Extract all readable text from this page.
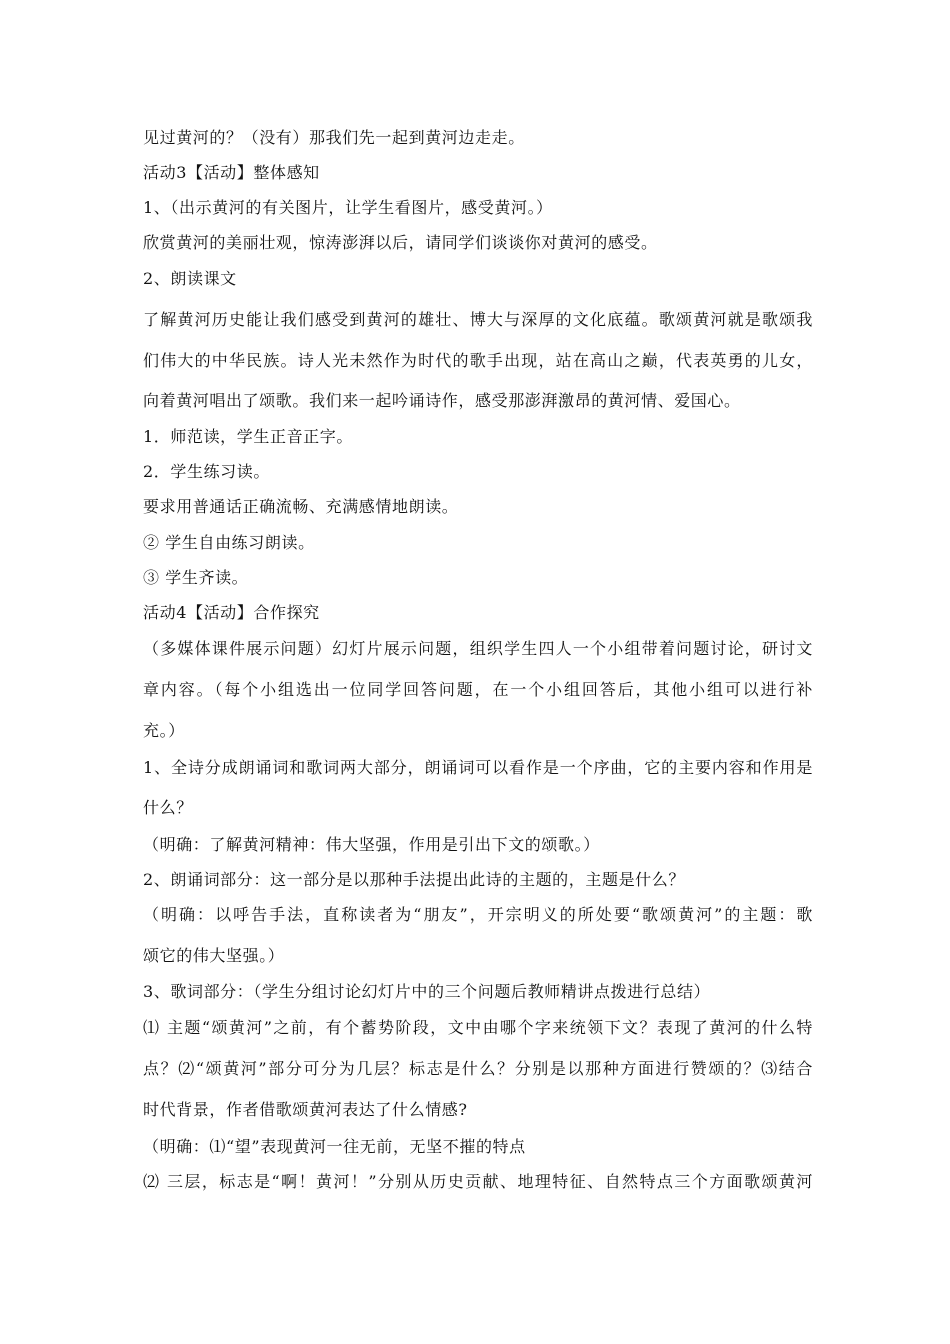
见过黄河的？（没有）那我们先一起到黄河边走走。
活动3【活动】整体感知
1、（出示黄河的有关图片，让学生看图片，感受黄河。）
欣赏黄河的美丽壮观，惊涛澎湃以后，请同学们谈谈你对黄河的感受。
2、朗读课文
了解黄河历史能让我们感受到黄河的雄壮、博大与深厚的文化底蕴。歌颂黄河就是歌颂我
们伟大的中华民族。诗人光未然作为时代的歌手出现，站在高山之巅，代表英勇的儿女，
向着黄河唱出了颂歌。我们来一起吟诵诗作，感受那澎湃激昂的黄河情、爱国心。
1．师范读，学生正音正字。
2．学生练习读。
要求用普通话正确流畅、充满感情地朗读。
② 学生自由练习朗读。
③ 学生齐读。
活动4【活动】合作探究
（多媒体课件展示问题）幻灯片展示问题，组织学生四人一个小组带着问题讨论，研讨文
章内容。（每个小组选出一位同学回答问题，在一个小组回答后，其他小组可以进行补
充。）
1、全诗分成朗诵词和歌词两大部分，朗诵词可以看作是一个序曲，它的主要内容和作用是
什么？
（明确：了解黄河精神：伟大坚强，作用是引出下文的颂歌。）
2、朗诵词部分：这一部分是以那种手法提出此诗的主题的，主题是什么？
（明确：以呼告手法，直称读者为“朋友”，开宗明义的所处要“歌颂黄河”的主题：歌
颂它的伟大坚强。）
3、歌词部分：（学生分组讨论幻灯片中的三个问题后教师精讲点拨进行总结）
⑴ 主题“颂黄河”之前，有个蓄势阶段，文中由哪个字来统领下文？表现了黄河的什么特
点？⑵“颂黄河”部分可分为几层？标志是什么？分别是以那种方面进行赞颂的？⑶结合
时代背景，作者借歌颂黄河表达了什么情感?
（明确：⑴“望”表现黄河一往无前，无坚不摧的特点
⑵ 三层，标志是“啊！黄河！”分别从历史贡献、地理特征、自然特点三个方面歌颂黄河
